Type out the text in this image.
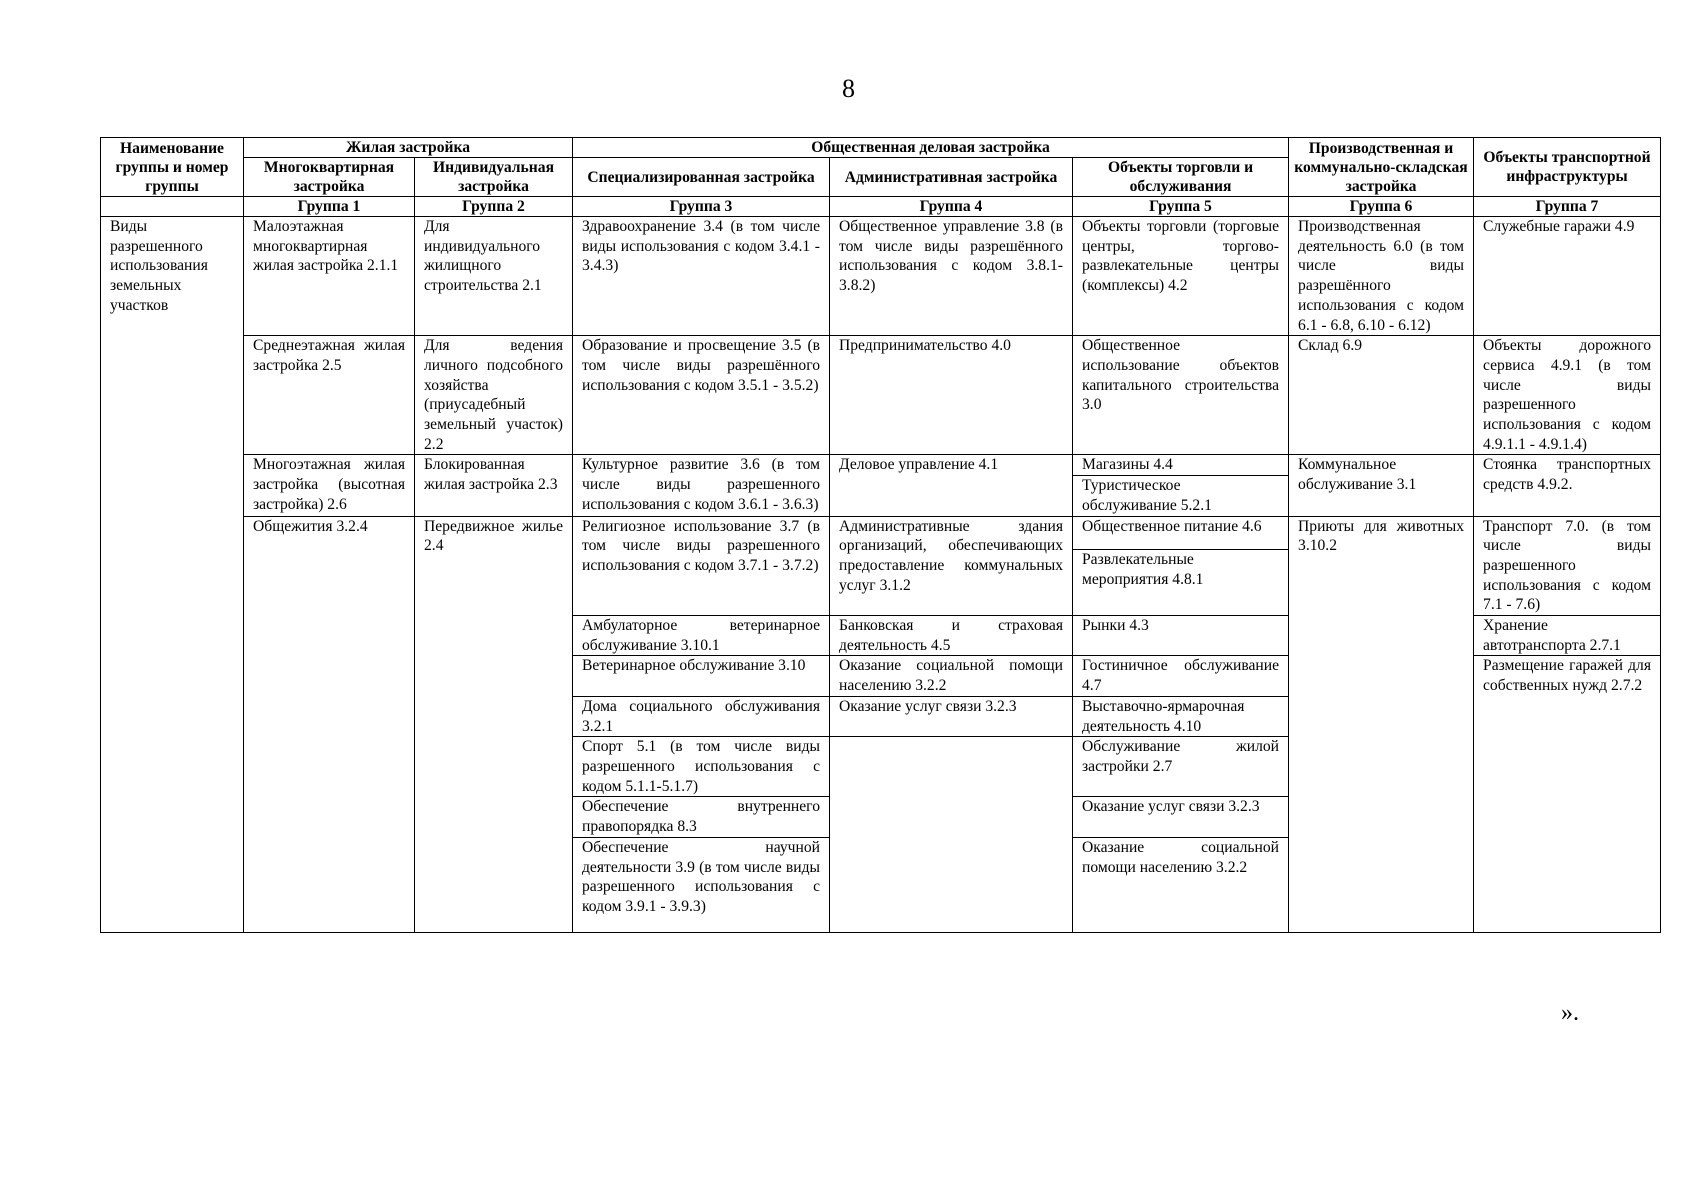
8
Наименование группы и номер группы	Жилая застройка		Общественная деловая застройка			Производственная и коммунально-складская застройка	Объекты транспортной инфраструктуры
	Многоквартирная застройка	Индивидуальная застройка	Специализированная застройка	Административная застройка	Объекты торговли и обслуживания		

	Группа 1	Группа 2	Группа 3	Группа 4	Группа 5	Группа 6	Группа 7
Виды разрешенного использования земельных участков	Малоэтажная многоквартирная жилая застройка 2.1.1	Для индивидуального жилищного строительства 2.1	Здравоохранение 3.4 (в том числе виды использования с кодом 3.4.1 - 3.4.3)	Общественное управление 3.8 (в том числе виды разрешённого использования с кодом 3.8.1-3.8.2)	Объекты торговли (торговые центры, торгово-развлекательные центры (комплексы) 4.2	Производственная деятельность 6.0 (в том числе виды разрешённого использования с кодом 6.1 - 6.8, 6.10 - 6.12)	Служебные гаражи 4.9
	Среднеэтажная жилая застройка 2.5	Для ведения личного подсобного хозяйства (приусадебный земельный участок) 2.2	Образование и просвещение 3.5 (в том числе виды разрешённого использования с кодом 3.5.1 - 3.5.2)	Предпринимательство 4.0	Общественное использование объектов капитального строительства 3.0	Склад 6.9	Объекты дорожного сервиса 4.9.1 (в том числе виды разрешенного использования с кодом 4.9.1.1 - 4.9.1.4)
	Многоэтажная жилая застройка (высотная застройка) 2.6	Блокированная жилая застройка 2.3	Культурное развитие 3.6 (в том числе виды разрешенного использования с кодом 3.6.1 - 3.6.3)	Деловое управление 4.1	Магазины 4.4	Коммунальное обслуживание 3.1	Стоянка транспортных средств 4.9.2.
					Туристическое обслуживание 5.2.1		
	Общежития 3.2.4	Передвижное жилье 2.4	Религиозное использование 3.7 (в том числе виды разрешенного использования с кодом 3.7.1 - 3.7.2)	Административные здания организаций, обеспечивающих предоставление коммунальных услуг 3.1.2	Общественное питание 4.6	Приюты для животных 3.10.2	Транспорт 7.0. (в том числе виды разрешенного использования с кодом 7.1 - 7.6)
					Развлекательные мероприятия 4.8.1		
			Амбулаторное ветеринарное обслуживание 3.10.1	Банковская и страховая деятельность 4.5	Рынки 4.3		Хранение автотранспорта 2.7.1
			Ветеринарное обслуживание 3.10	Оказание социальной помощи населению 3.2.2	Гостиничное обслуживание 4.7		Размещение гаражей для собственных нужд 2.7.2
			Дома социального обслуживания 3.2.1	Оказание услуг связи 3.2.3	Выставочно-ярмарочная деятельность 4.10		
			Спорт 5.1 (в том числе виды разрешенного использования с кодом 5.1.1-5.1.7)		Обслуживание жилой застройки 2.7		
			Обеспечение внутреннего правопорядка 8.3		Оказание услуг связи 3.2.3		
			Обеспечение научной деятельности 3.9 (в том числе виды разрешенного использования с кодом 3.9.1 - 3.9.3)		Оказание социальной помощи населению 3.2.2		

».
